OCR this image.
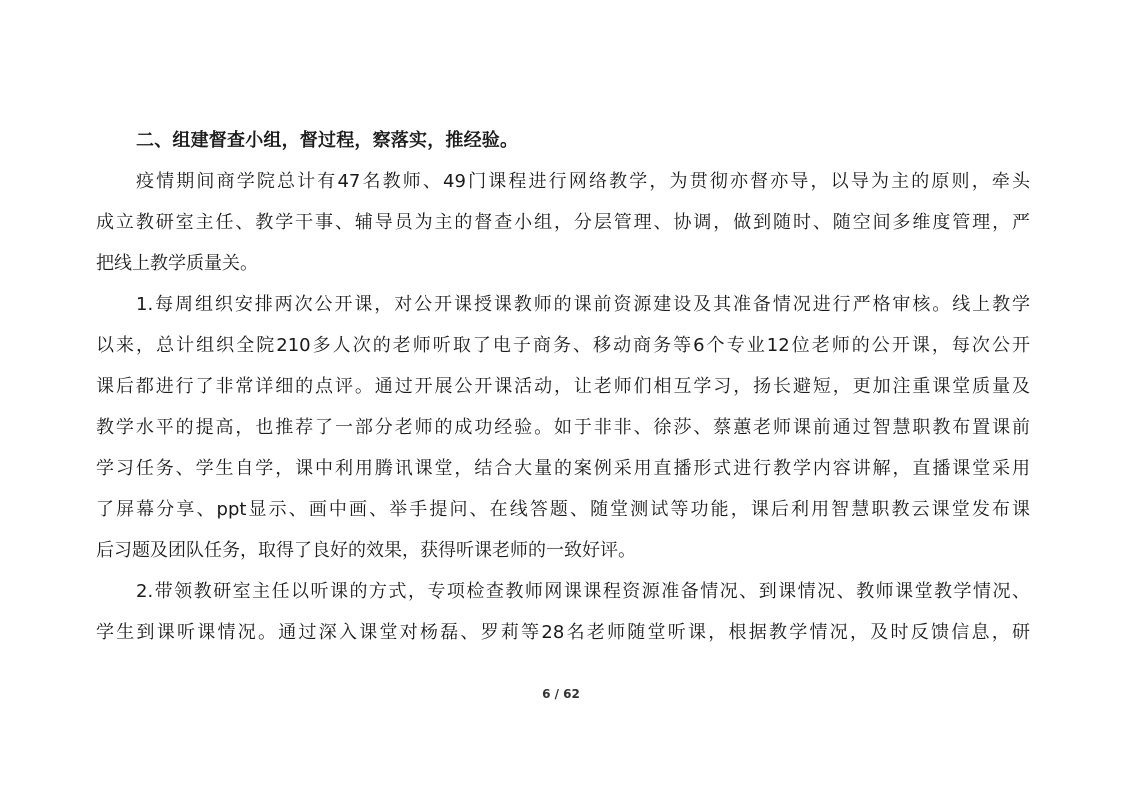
二、组建督查小组，督过程，察落实，推经验。

疫情期间商学院总计有47名教师、49门课程进行网络教学，为贯彻亦督亦导，以导为主的原则，牵头
成立教研室主任、教学干事、辅导员为主的督查小组，分层管理、协调，做到随时、随空间多维度管理，严
把线上教学质量关。

1.每周组织安排两次公开课，对公开课授课教师的课前资源建设及其准备情况进行严格审核。线上教学
以来，总计组织全院210多人次的老师听取了电子商务、移动商务等6个专业12位老师的公开课，每次公开
课后都进行了非常详细的点评。通过开展公开课活动，让老师们相互学习，扬长避短，更加注重课堂质量及
教学水平的提高，也推荐了一部分老师的成功经验。如于非非、徐莎、蔡蕙老师课前通过智慧职教布置课前
学习任务、学生自学，课中利用腾讯课堂，结合大量的案例采用直播形式进行教学内容讲解，直播课堂采用
了屏幕分享、ppt显示、画中画、举手提问、在线答题、随堂测试等功能，课后利用智慧职教云课堂发布课
后习题及团队任务，取得了良好的效果，获得听课老师的一致好评。

2.带领教研室主任以听课的方式，专项检查教师网课课程资源准备情况、到课情况、教师课堂教学情况、
学生到课听课情况。通过深入课堂对杨磊、罗莉等28名老师随堂听课，根据教学情况，及时反馈信息，研

6 / 62
